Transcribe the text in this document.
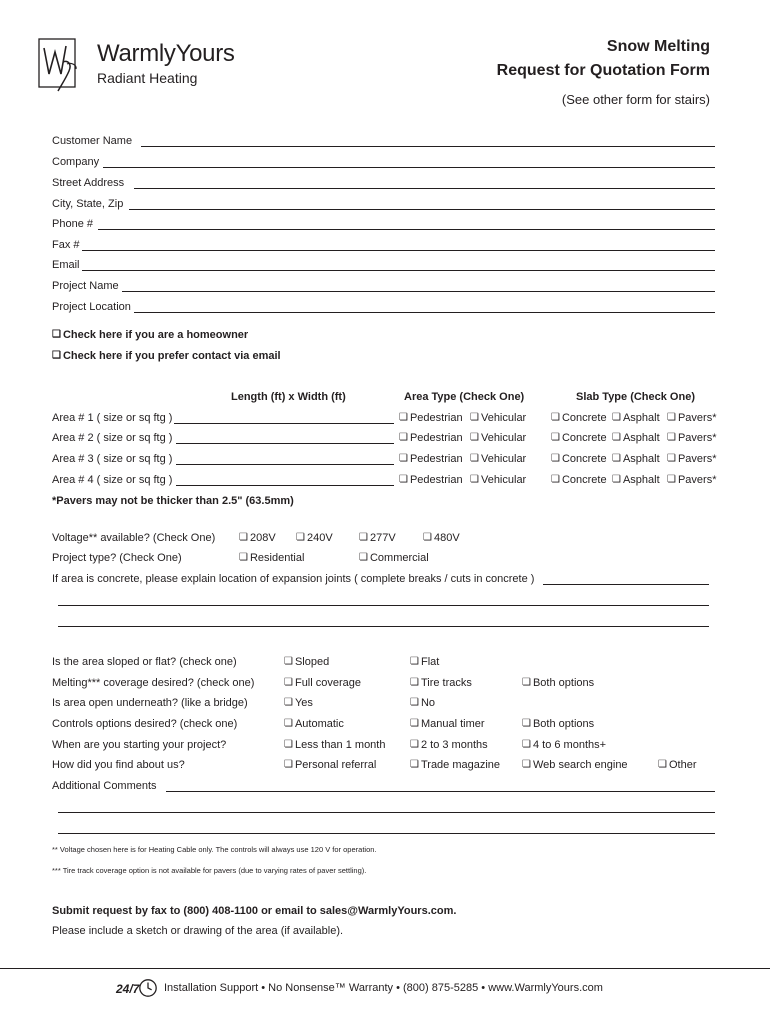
WarmlyYours
Radiant Heating
Snow Melting
Request for Quotation Form
(See other form for stairs)
Customer Name
Company
Street Address
City, State, Zip
Phone #
Fax #
Email
Project Name
Project Location
❏ Check here if you are a homeowner
❏ Check here if you prefer contact via email
Length (ft) x Width (ft)	Area Type (Check One)	Slab Type (Check One)
Area # 1 ( size or sq ftg )	❏ Pedestrian	❏ Vehicular	❏ Concrete	❏ Asphalt	❏ Pavers*
Area # 2 ( size or sq ftg )	❏ Pedestrian	❏ Vehicular	❏ Concrete	❏ Asphalt	❏ Pavers*
Area # 3 ( size or sq ftg )	❏ Pedestrian	❏ Vehicular	❏ Concrete	❏ Asphalt	❏ Pavers*
Area # 4 ( size or sq ftg )	❏ Pedestrian	❏ Vehicular	❏ Concrete	❏ Asphalt	❏ Pavers*
*Pavers may not be thicker than 2.5" (63.5mm)
Voltage** available? (Check One)	❏ 208V	❏ 240V	❏ 277V	❏ 480V
Project type? (Check One)	❏ Residential	❏ Commercial
If area is concrete, please explain location of expansion joints ( complete breaks / cuts in concrete )
Is the area sloped or flat? (check one)	❏ Sloped	❏ Flat
Melting*** coverage desired? (check one)	❏ Full coverage	❏ Tire tracks	❏ Both options
Is area open underneath? (like a bridge)	❏ Yes	❏ No
Controls options desired? (check one)	❏ Automatic	❏ Manual timer	❏ Both options
When are you starting your project?	❏ Less than 1 month	❏ 2 to 3 months	❏ 4 to 6 months+
How did you find about us?	❏ Personal referral	❏ Trade magazine	❏ Web search engine	❏ Other
Additional Comments
** Voltage chosen here is for Heating Cable only. The controls will always use 120 V for operation.
*** Tire track coverage option is not available for pavers (due to varying rates of paver settling).
Submit request by fax to (800) 408-1100 or email to sales@WarmlyYours.com.
Please include a sketch or drawing of the area (if available).
24/7 Installation Support • No Nonsense™ Warranty • (800) 875-5285 • www.WarmlyYours.com
